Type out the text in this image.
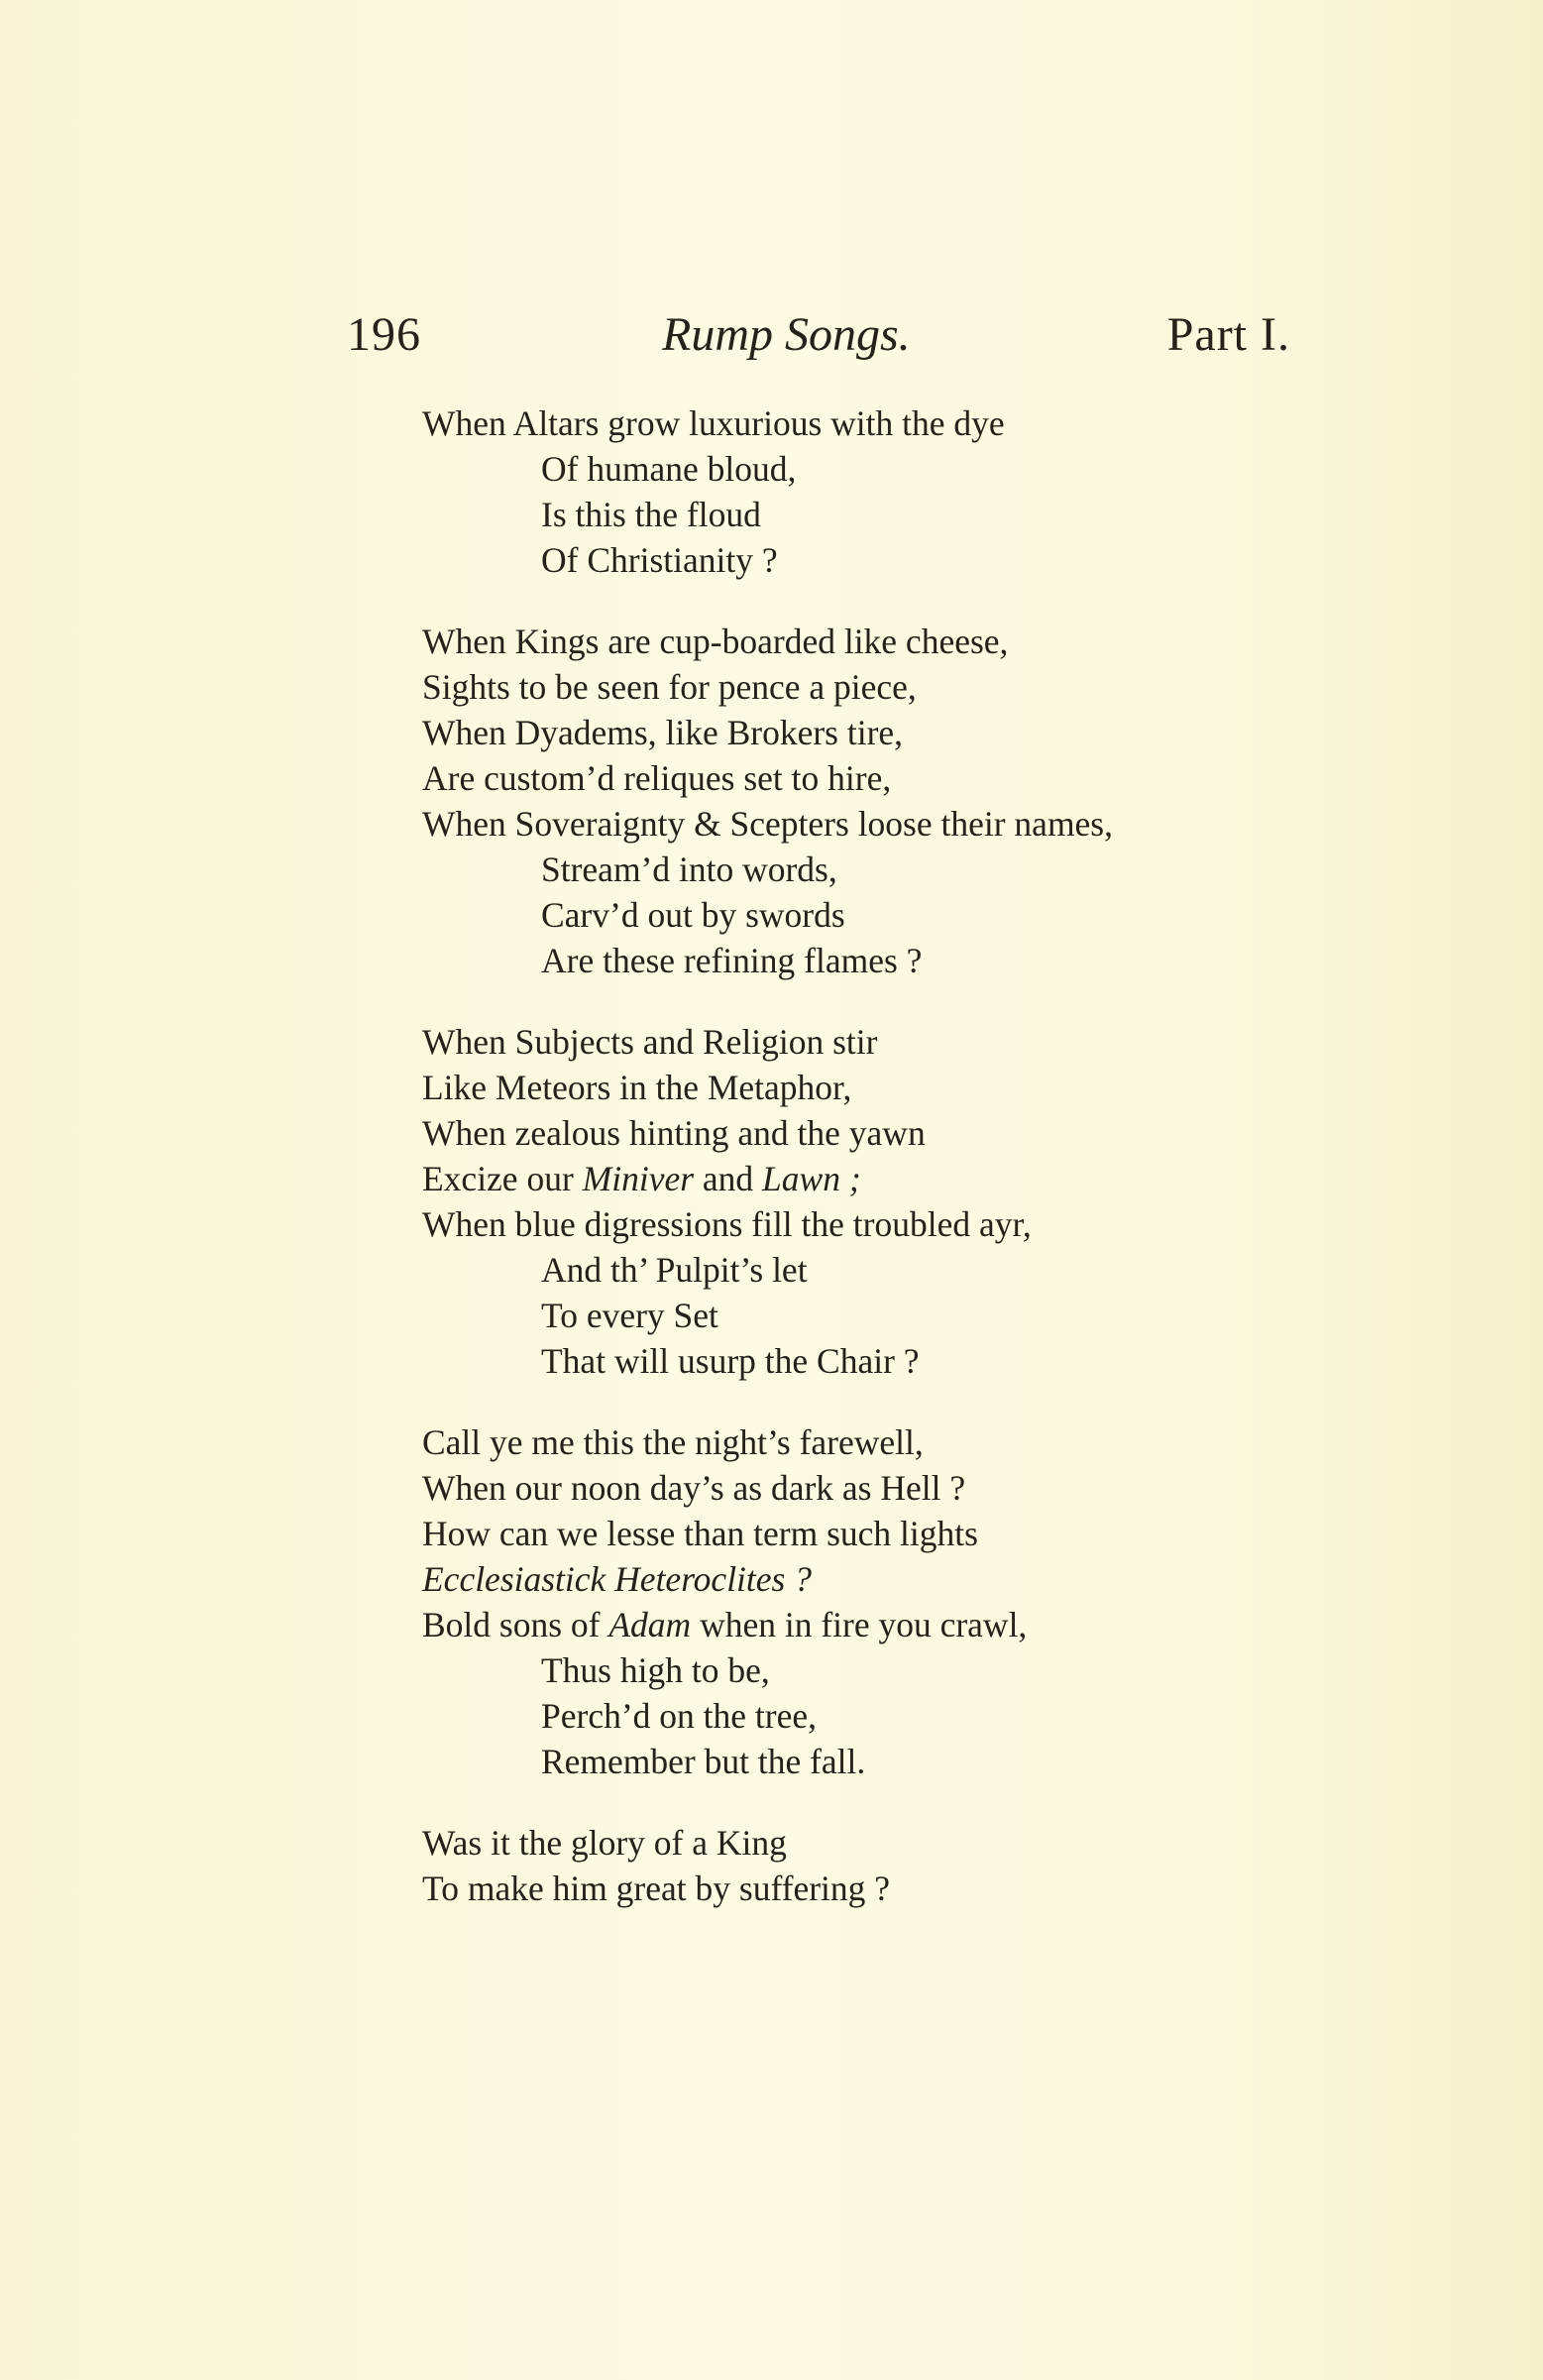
196	Rump Songs.	Part I.
When Altars grow luxurious with the dye
Of humane bloud,
Is this the floud
Of Christianity ?
When Kings are cup-boarded like cheese,
Sights to be seen for pence a piece,
When Dyadems, like Brokers tire,
Are custom’d reliques set to hire,
When Soveraignty & Scepters loose their names,
Stream’d into words,
Carv’d out by swords
Are these refining flames ?
When Subjects and Religion stir
Like Meteors in the Metaphor,
When zealous hinting and the yawn
Excize our Miniver and Lawn ;
When blue digressions fill the troubled ayr,
And th’ Pulpit’s let
To every Set
That will usurp the Chair ?
Call ye me this the night’s farewell,
When our noon day’s as dark as Hell ?
How can we lesse than term such lights
Ecclesiastick Heteroclites ?
Bold sons of Adam when in fire you crawl,
Thus high to be,
Perch’d on the tree,
Remember but the fall.
Was it the glory of a King
To make him great by suffering ?
